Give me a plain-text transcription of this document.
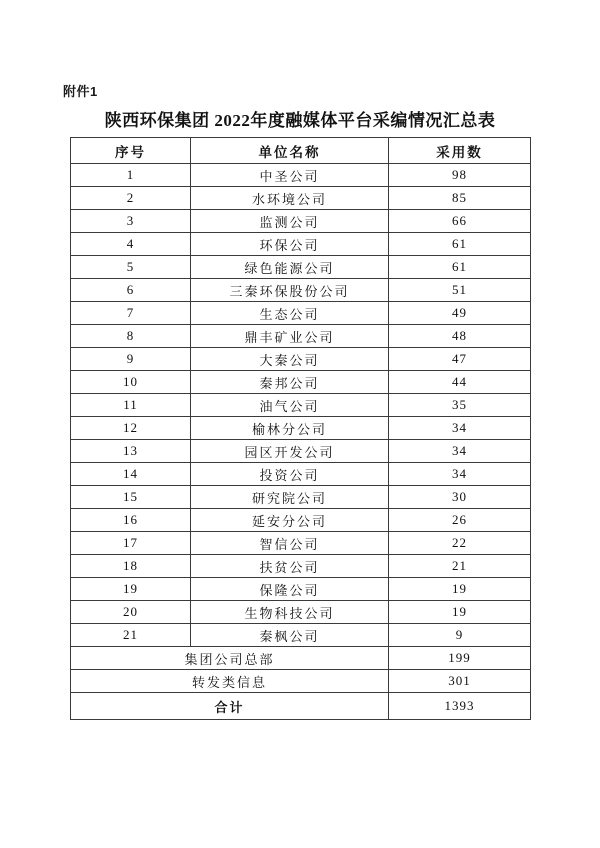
附件1
陕西环保集团 2022年度融媒体平台采编情况汇总表
序号	单位名称	采用数
1	中圣公司	98
2	水环境公司	85
3	监测公司	66
4	环保公司	61
5	绿色能源公司	61
6	三秦环保股份公司	51
7	生态公司	49
8	鼎丰矿业公司	48
9	大秦公司	47
10	秦邦公司	44
11	油气公司	35
12	榆林分公司	34
13	园区开发公司	34
14	投资公司	34
15	研究院公司	30
16	延安分公司	26
17	智信公司	22
18	扶贫公司	21
19	保隆公司	19
20	生物科技公司	19
21	秦枫公司	9
集团公司总部		199
转发类信息		301
合计		1393
